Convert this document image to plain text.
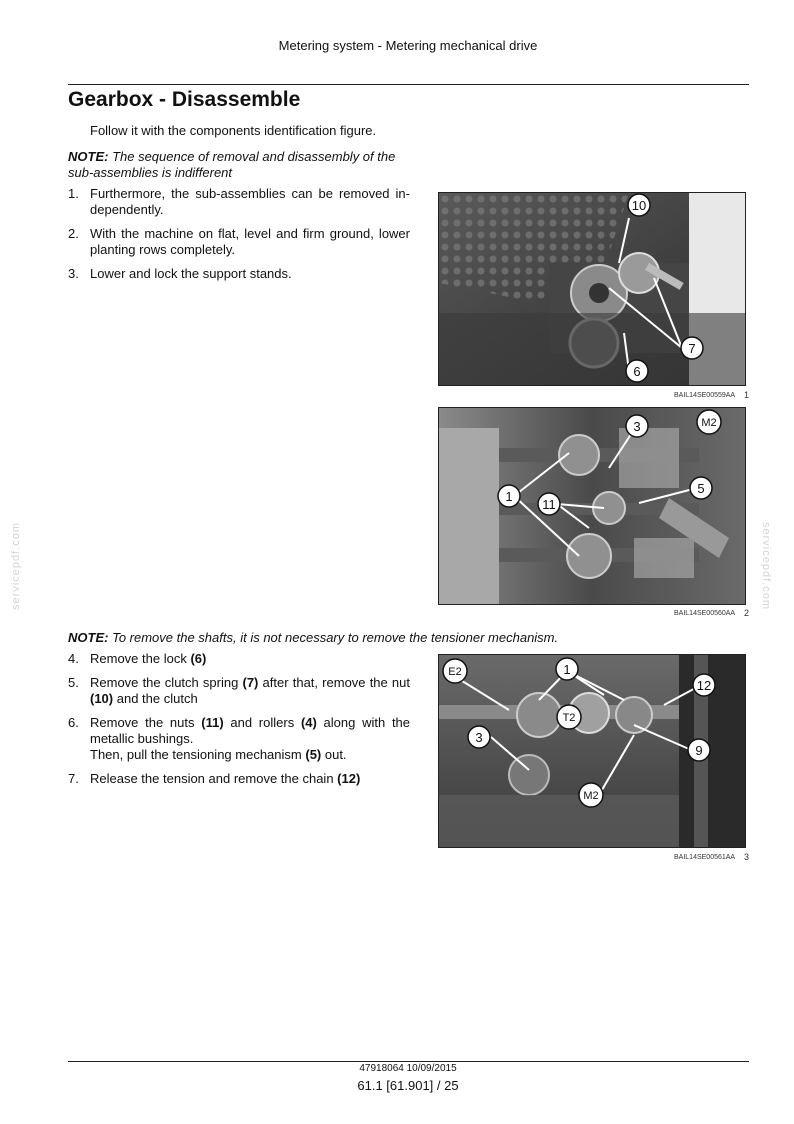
Metering system - Metering mechanical drive
Gearbox - Disassemble
Follow it with the components identification figure.
NOTE: The sequence of removal and disassembly of the sub-assemblies is indifferent
1. Furthermore, the sub-assemblies can be removed in-dependently.
2. With the machine on flat, level and firm ground, lower planting rows completely.
3. Lower and lock the support stands.
10
7
6
BAIL14SE00559AA 1
3	M2
1
11
5
BAIL14SE00560AA 2
NOTE: To remove the shafts, it is not necessary to remove the tensioner mechanism.
4. Remove the lock (6)
5. Remove the clutch spring (7) after that, remove the nut (10) and the clutch
6. Remove the nuts (11) and rollers (4) along with the metallic bushings.
Then, pull the tensioning mechanism (5) out.
7. Release the tension and remove the chain (12)
E2	1
12
T2
3
9
M2
BAIL14SE00561AA 3
servicepdf.com	servicepdf.com
47918064 10/09/2015
61.1 [61.901] / 25
